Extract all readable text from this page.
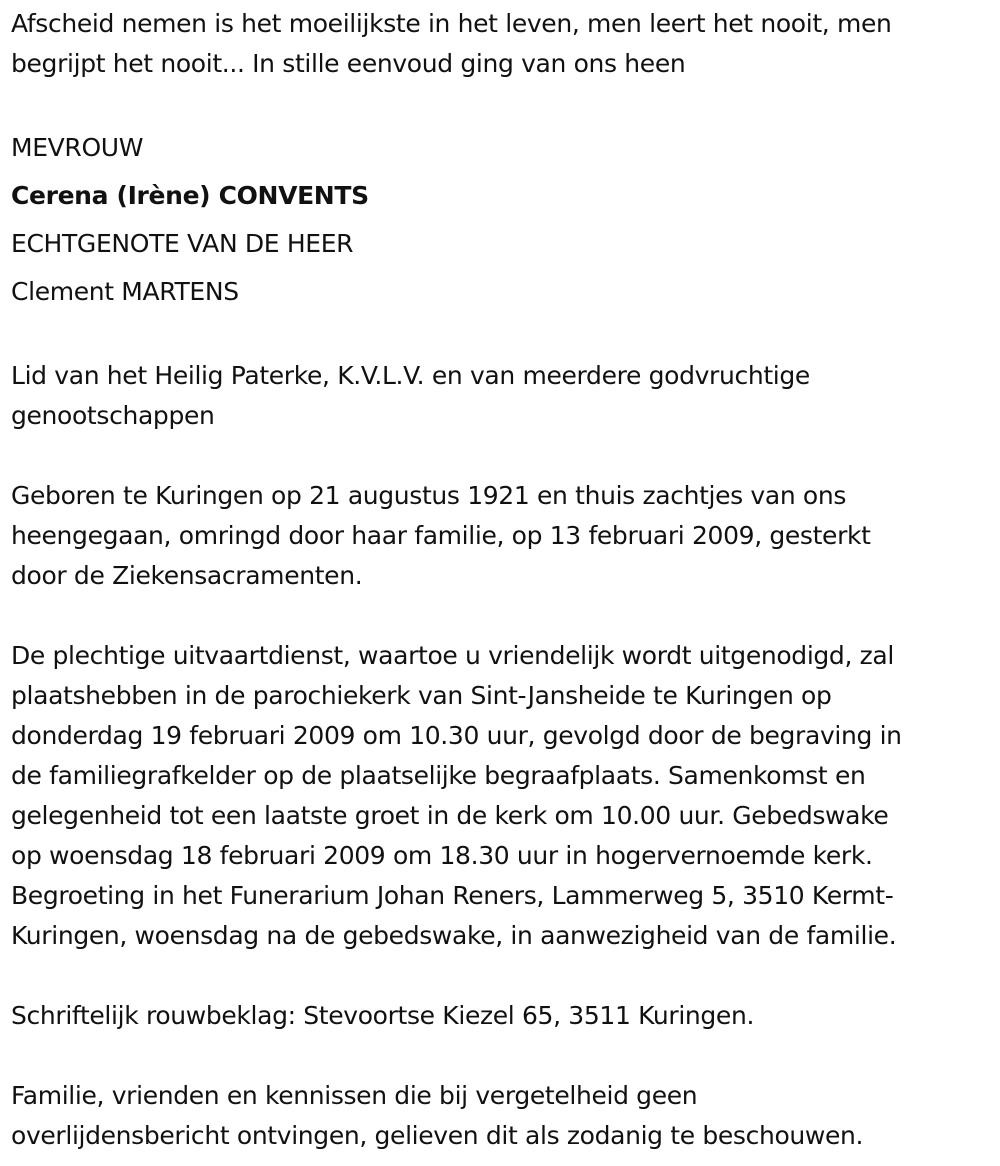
Afscheid nemen is het moeilijkste in het leven, men leert het nooit, men

begrijpt het nooit... In stille eenvoud ging van ons heen

MEVROUW

Cerena (Irène) CONVENTS

ECHTGENOTE VAN DE HEER

Clement MARTENS

Lid van het Heilig Paterke, K.V.L.V. en van meerdere godvruchtige

genootschappen

Geboren te Kuringen op 21 augustus 1921 en thuis zachtjes van ons

heengegaan, omringd door haar familie, op 13 februari 2009, gesterkt

door de Ziekensacramenten.

De plechtige uitvaartdienst, waartoe u vriendelijk wordt uitgenodigd, zal

plaatshebben in de parochiekerk van Sint-Jansheide te Kuringen op

donderdag 19 februari 2009 om 10.30 uur, gevolgd door de begraving in

de familiegrafkelder op de plaatselijke begraafplaats. Samenkomst en

gelegenheid tot een laatste groet in de kerk om 10.00 uur. Gebedswake

op woensdag 18 februari 2009 om 18.30 uur in hogervernoemde kerk.

Begroeting in het Funerarium Johan Reners, Lammerweg 5, 3510 Kermt-

Kuringen, woensdag na de gebedswake, in aanwezigheid van de familie.

Schriftelijk rouwbeklag: Stevoortse Kiezel 65, 3511 Kuringen.

Familie, vrienden en kennissen die bij vergetelheid geen

overlijdensbericht ontvingen, gelieven dit als zodanig te beschouwen.
